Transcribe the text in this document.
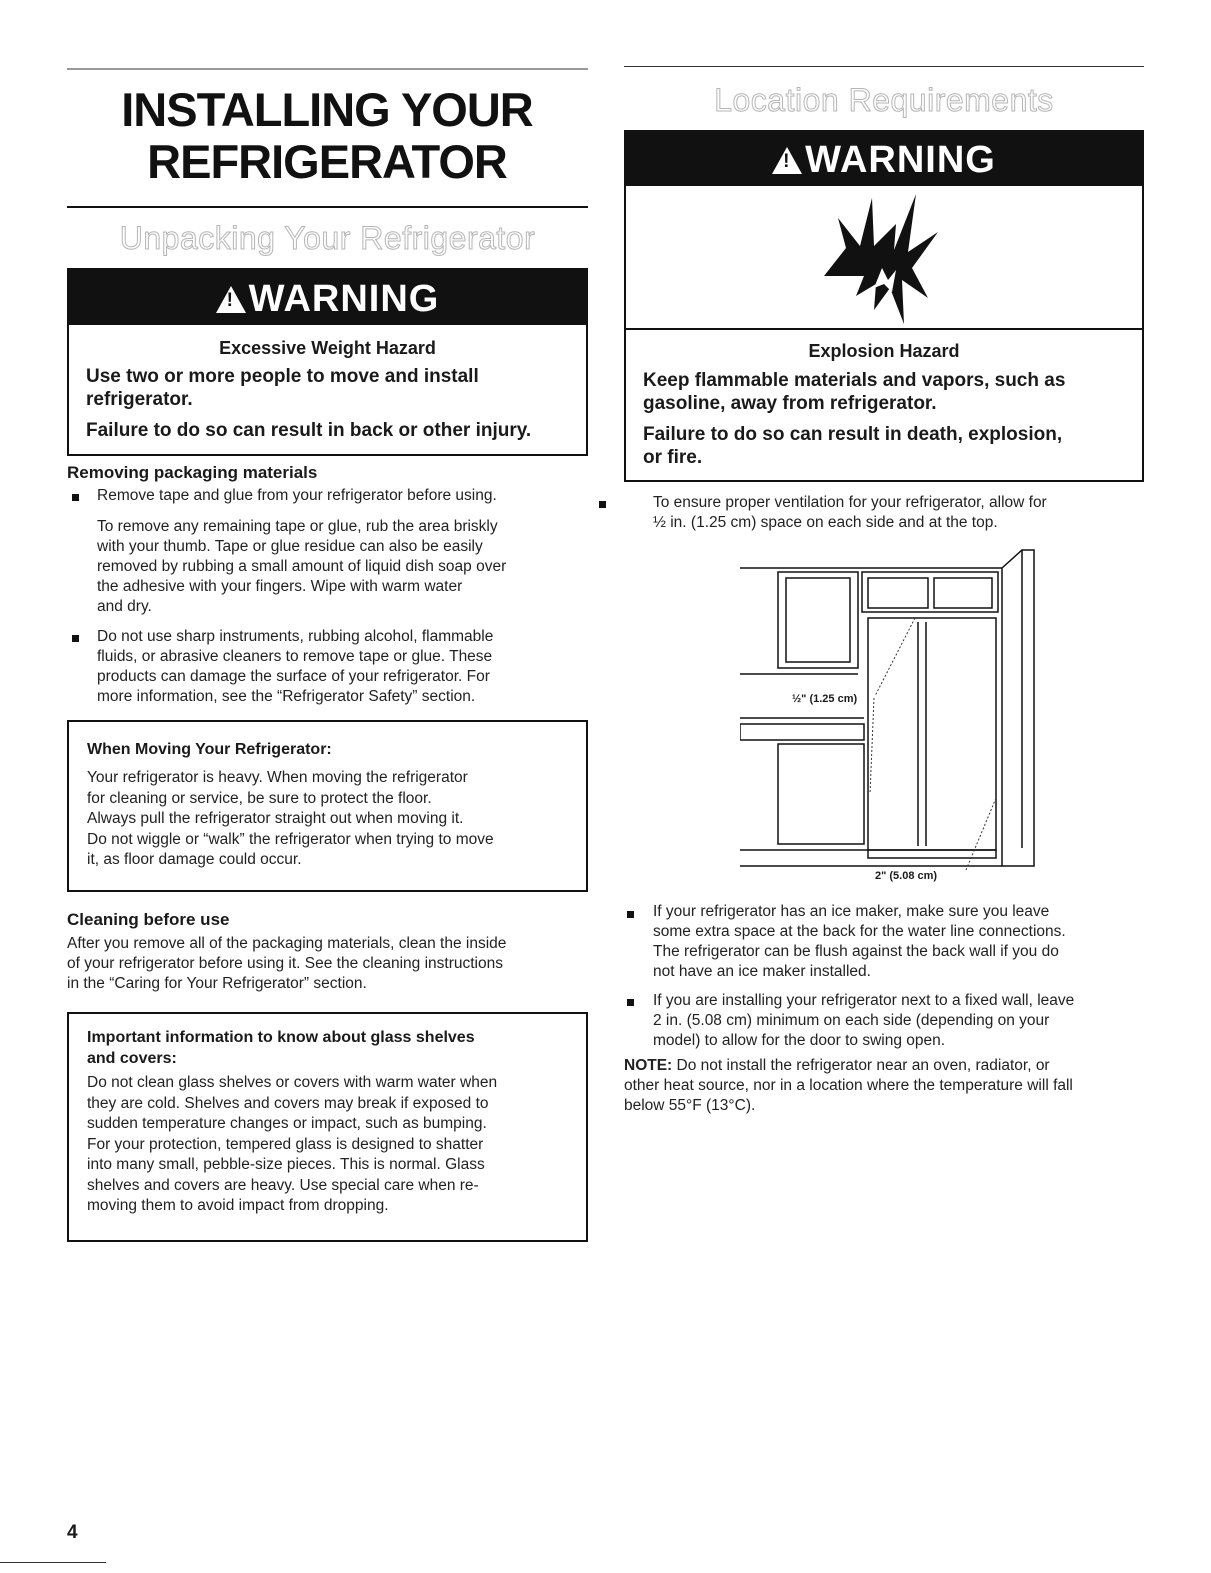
INSTALLING YOUR
REFRIGERATOR
Unpacking Your Refrigerator
!WARNING
Excessive Weight Hazard
Use two or more people to move and install
refrigerator.
Failure to do so can result in back or other injury.
Removing packaging materials
Remove tape and glue from your refrigerator before using.
To remove any remaining tape or glue, rub the area briskly
with your thumb. Tape or glue residue can also be easily
removed by rubbing a small amount of liquid dish soap over
the adhesive with your fingers. Wipe with warm water
and dry.
Do not use sharp instruments, rubbing alcohol, flammable
fluids, or abrasive cleaners to remove tape or glue. These
products can damage the surface of your refrigerator. For
more information, see the “Refrigerator Safety” section.
When Moving Your Refrigerator:
Your refrigerator is heavy. When moving the refrigerator
for cleaning or service, be sure to protect the floor.
Always pull the refrigerator straight out when moving it.
Do not wiggle or “walk” the refrigerator when trying to move
it, as floor damage could occur.
Cleaning before use
After you remove all of the packaging materials, clean the inside
of your refrigerator before using it. See the cleaning instructions
in the “Caring for Your Refrigerator” section.
Important information to know about glass shelves
and covers:
Do not clean glass shelves or covers with warm water when
they are cold. Shelves and covers may break if exposed to
sudden temperature changes or impact, such as bumping.
For your protection, tempered glass is designed to shatter
into many small, pebble-size pieces. This is normal. Glass
shelves and covers are heavy. Use special care when re-
moving them to avoid impact from dropping.
Location Requirements
!WARNING
Explosion Hazard
Keep flammable materials and vapors, such as
gasoline, away from refrigerator.
Failure to do so can result in death, explosion,
or fire.
To ensure proper ventilation for your refrigerator, allow for
½ in. (1.25 cm) space on each side and at the top.
½" (1.25 cm)
2" (5.08 cm)
If your refrigerator has an ice maker, make sure you leave
some extra space at the back for the water line connections.
The refrigerator can be flush against the back wall if you do
not have an ice maker installed.
If you are installing your refrigerator next to a fixed wall, leave
2 in. (5.08 cm) minimum on each side (depending on your
model) to allow for the door to swing open.
NOTE: Do not install the refrigerator near an oven, radiator, or
other heat source, nor in a location where the temperature will fall
below 55°F (13°C).
4
